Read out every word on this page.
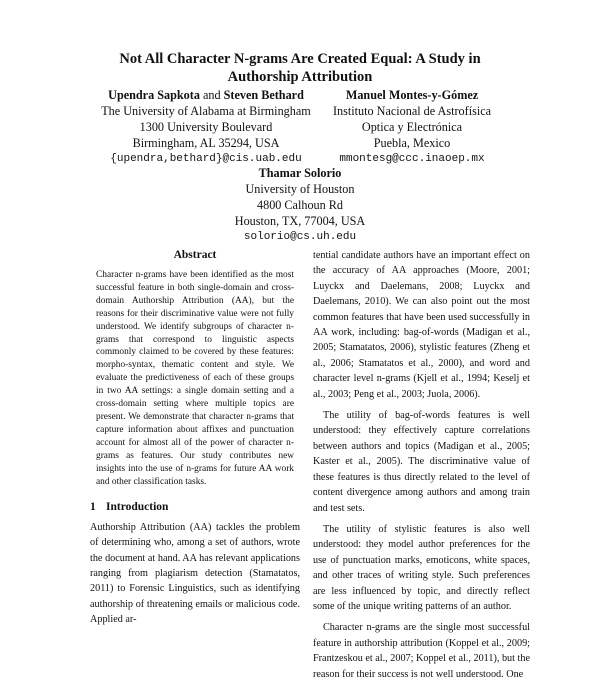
Not All Character N-grams Are Created Equal: A Study in
Authorship Attribution
Upendra Sapkota and Steven Bethard
The University of Alabama at Birmingham
1300 University Boulevard
Birmingham, AL 35294, USA
{upendra,bethard}@cis.uab.edu
Manuel Montes-y-Gómez
Instituto Nacional de Astrofísica
Optica y Electrónica
Puebla, Mexico
mmontesg@ccc.inaoep.mx
Thamar Solorio
University of Houston
4800 Calhoun Rd
Houston, TX, 77004, USA
solorio@cs.uh.edu
Abstract

Character n-grams have been identified as the most successful feature in both single-domain and cross-domain Authorship Attribution (AA), but the reasons for their discriminative value were not fully understood. We identify subgroups of character n-grams that correspond to linguistic aspects commonly claimed to be covered by these features: morpho-syntax, thematic content and style. We evaluate the predictiveness of each of these groups in two AA settings: a single domain setting and a cross-domain setting where multiple topics are present. We demonstrate that character n-grams that capture information about affixes and punctuation account for almost all of the power of character n-grams as features. Our study contributes new insights into the use of n-grams for future AA work and other classification tasks.

1 Introduction

Authorship Attribution (AA) tackles the problem of determining who, among a set of authors, wrote the document at hand. AA has relevant applications ranging from plagiarism detection (Stamatatos, 2011) to Forensic Linguistics, such as identifying authorship of threatening emails or malicious code. Applied ar-

tential candidate authors have an important effect on the accuracy of AA approaches (Moore, 2001; Luyckx and Daelemans, 2008; Luyckx and Daelemans, 2010). We can also point out the most common features that have been used successfully in AA work, including: bag-of-words (Madigan et al., 2005; Stamatatos, 2006), stylistic features (Zheng et al., 2006; Stamatatos et al., 2000), and word and character level n-grams (Kjell et al., 1994; Keselj et al., 2003; Peng et al., 2003; Juola, 2006).

The utility of bag-of-words features is well understood: they effectively capture correlations between authors and topics (Madigan et al., 2005; Kaster et al., 2005). The discriminative value of these features is thus directly related to the level of content divergence among authors and among train and test sets.

The utility of stylistic features is also well understood: they model author preferences for the use of punctuation marks, emoticons, white spaces, and other traces of writing style. Such preferences are less influenced by topic, and directly reflect some of the unique writing patterns of an author.

Character n-grams are the single most successful feature in authorship attribution (Koppel et al., 2009; Frantzeskou et al., 2007; Koppel et al., 2011), but the reason for their success is not well understood. One
